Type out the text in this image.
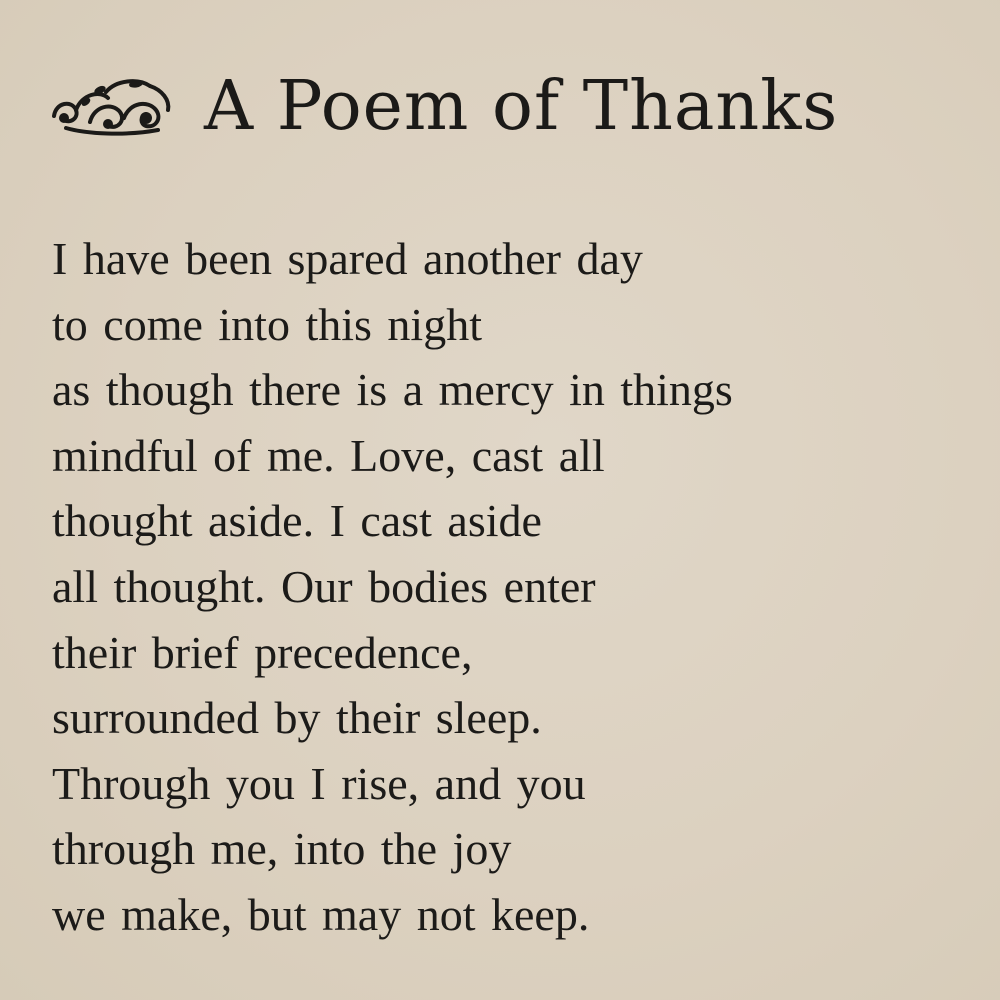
A Poem of Thanks
I have been spared another day
to come into this night
as though there is a mercy in things
mindful of me. Love, cast all
thought aside. I cast aside
all thought. Our bodies enter
their brief precedence,
surrounded by their sleep.
Through you I rise, and you
through me, into the joy
we make, but may not keep.
